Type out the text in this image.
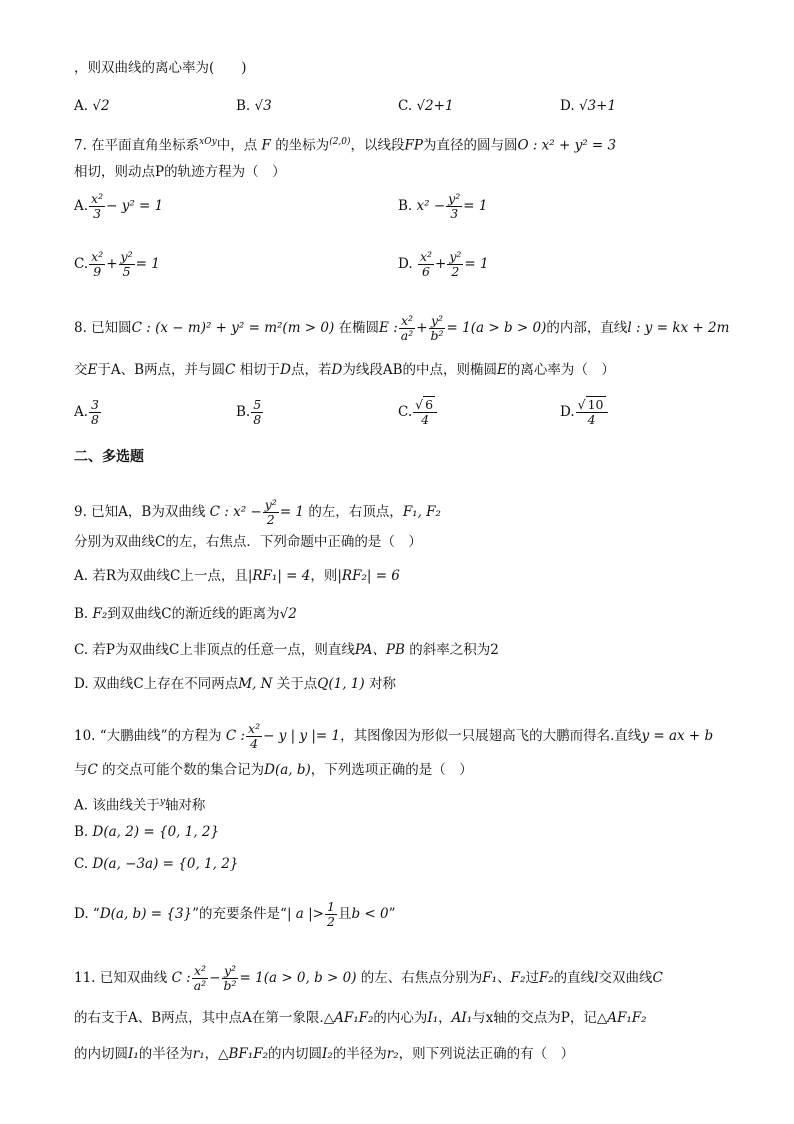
，则双曲线的离心率为(　　)
A. √2	B. √3	C. √2+1	D. √3+1
7. 在平面直角坐标系$^{xOy}$中，点 F 的坐标为$^{(2,0)}$，以线段FP为直径的圆与圆O : x² + y² = 3
相切，则动点P的轨迹方程为（　）
A. $\frac{\text{x²}}{3} - y^2 = 1$	B. $x^2 - \frac{\text{y²}}{3} = 1$
C. $\frac{\text{x²}}{9} + \frac{\text{y²}}{5} = 1$	D. $\frac{\text{x²}}{6} + \frac{\text{y²}}{2} = 1$
8. 已知圆C : (x − m)² + y² = m²(m > 0) 在椭圆E : $\frac{\text{x²}}{\text{a²}} + \frac{\text{y²}}{\text{b²}} = 1(a > b > 0)$的内部，直线l : y = kx + 2m
交E于A、B两点，并与圆C 相切于D点，若D为线段AB的中点，则椭圆E的离心率为（　）
A. $\frac{3}{8}$	B. $\frac{5}{8}$	C. $\frac{√ 6}{4}$	D. $\frac{√ 10}{4}$
二、多选题
9. 已知A，B为双曲线 C : $x^2 - \frac{\text{y²}}{2} = 1$ 的左，右顶点，F₁, F₂
分别为双曲线C的左，右焦点．下列命题中正确的是（　）
A. 若R为双曲线C上一点，且|RF₁| = 4，则|RF₂| = 6
B. F₂到双曲线C的渐近线的距离为√2
C. 若P为双曲线C上非顶点的任意一点，则直线PA、PB 的斜率之积为2
D. 双曲线C上存在不同两点M, N 关于点Q(1, 1) 对称
10. “大鹏曲线”的方程为 C : $\frac{\text{x²}}{4} - y$ | y |= 1，其图像因为形似一只展翅高飞的大鹏而得名.直线y = ax + b
与C 的交点可能个数的集合记为D(a, b)，下列选项正确的是（　）
A. 该曲线关于$^y$轴对称
B. D(a, 2) = {0, 1, 2}
C. D(a, −3a) = {0, 1, 2}
D. “D(a, b) = {3}”的充要条件是“| a |> $\frac{1}{2}$ 且b < 0”
11. 已知双曲线 C : $\frac{\text{x²}}{\text{a²}} - \frac{\text{y²}}{\text{b²}} = 1(a > 0$, b > 0) 的左、右焦点分别为F₁、F₂过F₂的直线l交双曲线C
的右支于A、B两点，其中点A在第一象限.△AF₁F₂的内心为I₁，AI₁与x轴的交点为P，记△AF₁F₂
的内切圆I₁的半径为r₁，△BF₁F₂的内切圆I₂的半径为r₂，则下列说法正确的有（　）
